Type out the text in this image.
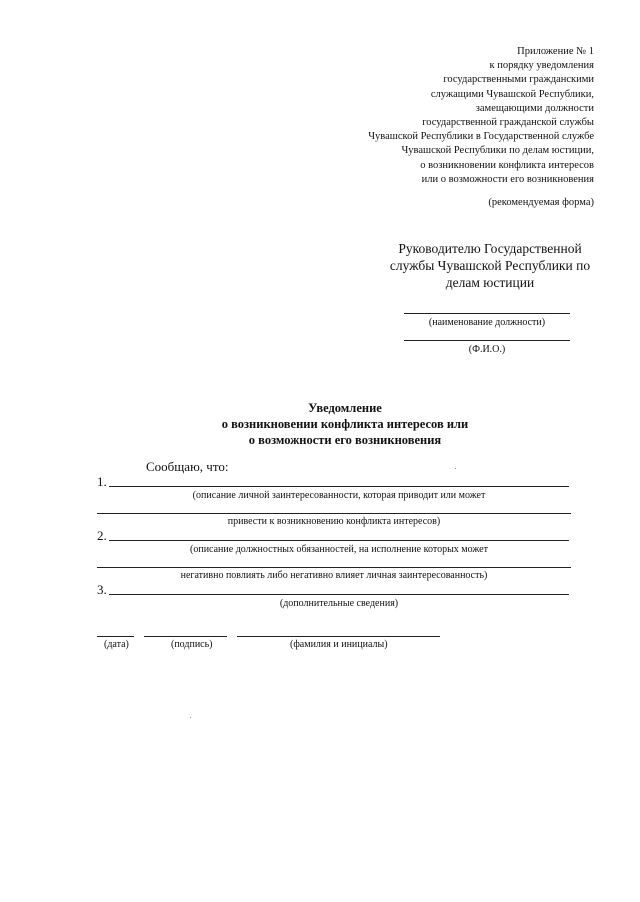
Приложение № 1
к порядку уведомления
государственными гражданскими
служащими Чувашской Республики,
замещающими должности
государственной гражданской службы
Чувашской Республики в Государственной службе
Чувашской Республики по делам юстиции,
о возникновении конфликта интересов
или о возможности его возникновения
(рекомендуемая форма)
Руководителю Государственной
службы Чувашской Республики по
делам юстиции
(наименование должности)
(Ф.И.О.)
Уведомление
о возникновении конфликта интересов или
о возможности его возникновения
Сообщаю, что:
1.
(описание личной заинтересованности, которая приводит или может
привести к возникновению конфликта интересов)
2.
(описание должностных обязанностей, на исполнение которых может
негативно повлиять либо негативно влияет личная заинтересованность)
3.
(дополнительные сведения)
(дата)	(подпись)	(фамилия и инициалы)
